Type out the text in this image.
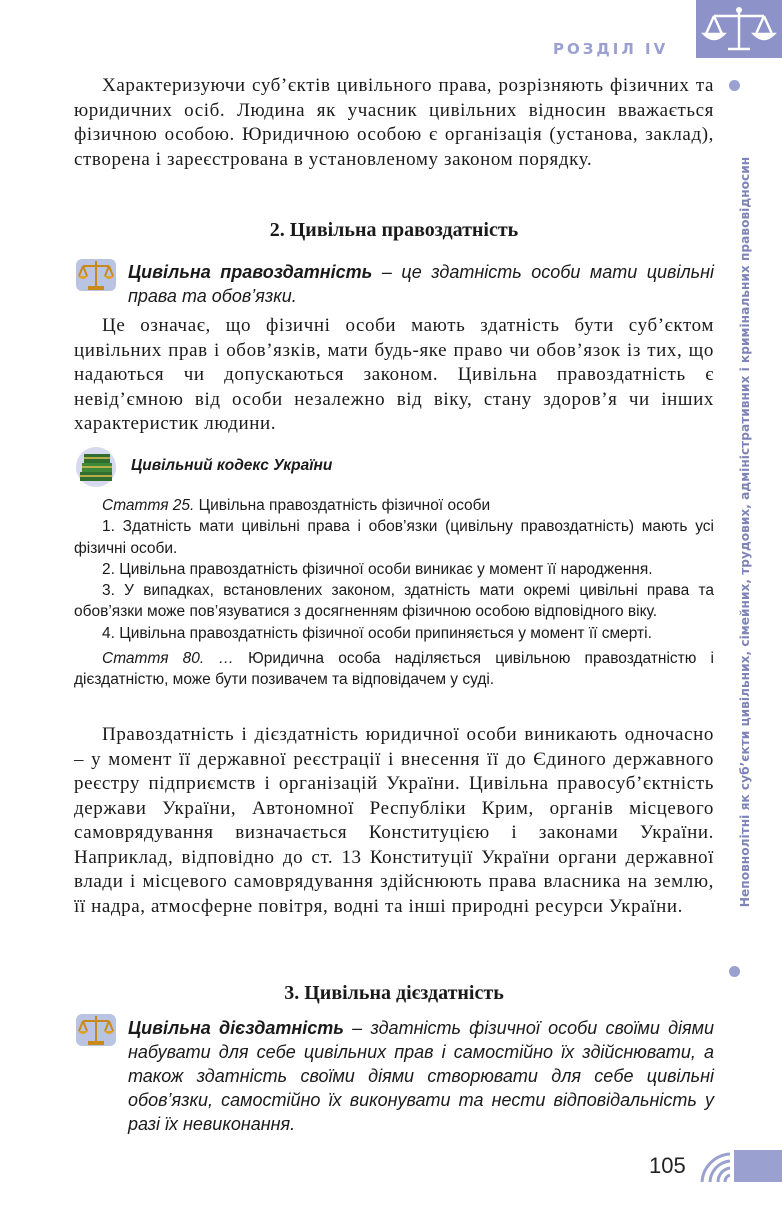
РОЗДІЛ IV
Неповнолітні як суб’єкти цивільних, сімейних, трудових, адміністративних і кримінальних правовідносин
Характеризуючи суб’єктів цивільного права, розрізняють фізичних та юридичних осіб. Людина як учасник цивільних відносин вважається фізичною особою. Юридичною особою є організація (установа, заклад), створена і зареєстрована в установленому законом порядку.
2. Цивільна правоздатність
Цивільна правоздатність – це здатність особи мати цивільні права та обов’язки.
Це означає, що фізичні особи мають здатність бути суб’єктом цивільних прав і обов’язків, мати будь-яке право чи обов’язок із тих, що надаються чи допускаються законом. Цивільна правоздатність є невід’ємною від особи незалежно від віку, стану здоров’я чи інших характеристик людини.
Цивільний кодекс України

Стаття 25. Цивільна правоздатність фізичної особи

1. Здатність мати цивільні права і обов’язки (цивільну правоздатність) мають усі фізичні особи.

2. Цивільна правоздатність фізичної особи виникає у момент її народження.

3. У випадках, встановлених законом, здатність мати окремі цивільні права та обов’язки може пов’язуватися з досягненням фізичною особою відповідного віку.

4. Цивільна правоздатність фізичної особи припиняється у момент її смерті.

Стаття 80. … Юридична особа наділяється цивільною правоздатністю і дієздатністю, може бути позивачем та відповідачем у суді.

Правоздатність і дієздатність юридичної особи виникають одночасно – у момент її державної реєстрації і внесення її до Єдиного державного реєстру підприємств і організацій України. Цивільна правосуб’єктність держави України, Автономної Республіки Крим, органів місцевого самоврядування визначається Конституцією і законами України. Наприклад, відповідно до ст. 13 Конституції України органи державної влади і місцевого самоврядування здійснюють права власника на землю, її надра, атмосферне повітря, водні та інші природні ресурси України.
3. Цивільна дієздатність
Цивільна дієздатність – здатність фізичної особи своїми діями набувати для себе цивільних прав і самостійно їх здійснювати, а також здатність своїми діями створювати для себе цивільні обов’язки, самостійно їх виконувати та нести відповідальність у разі їх невиконання.
105
